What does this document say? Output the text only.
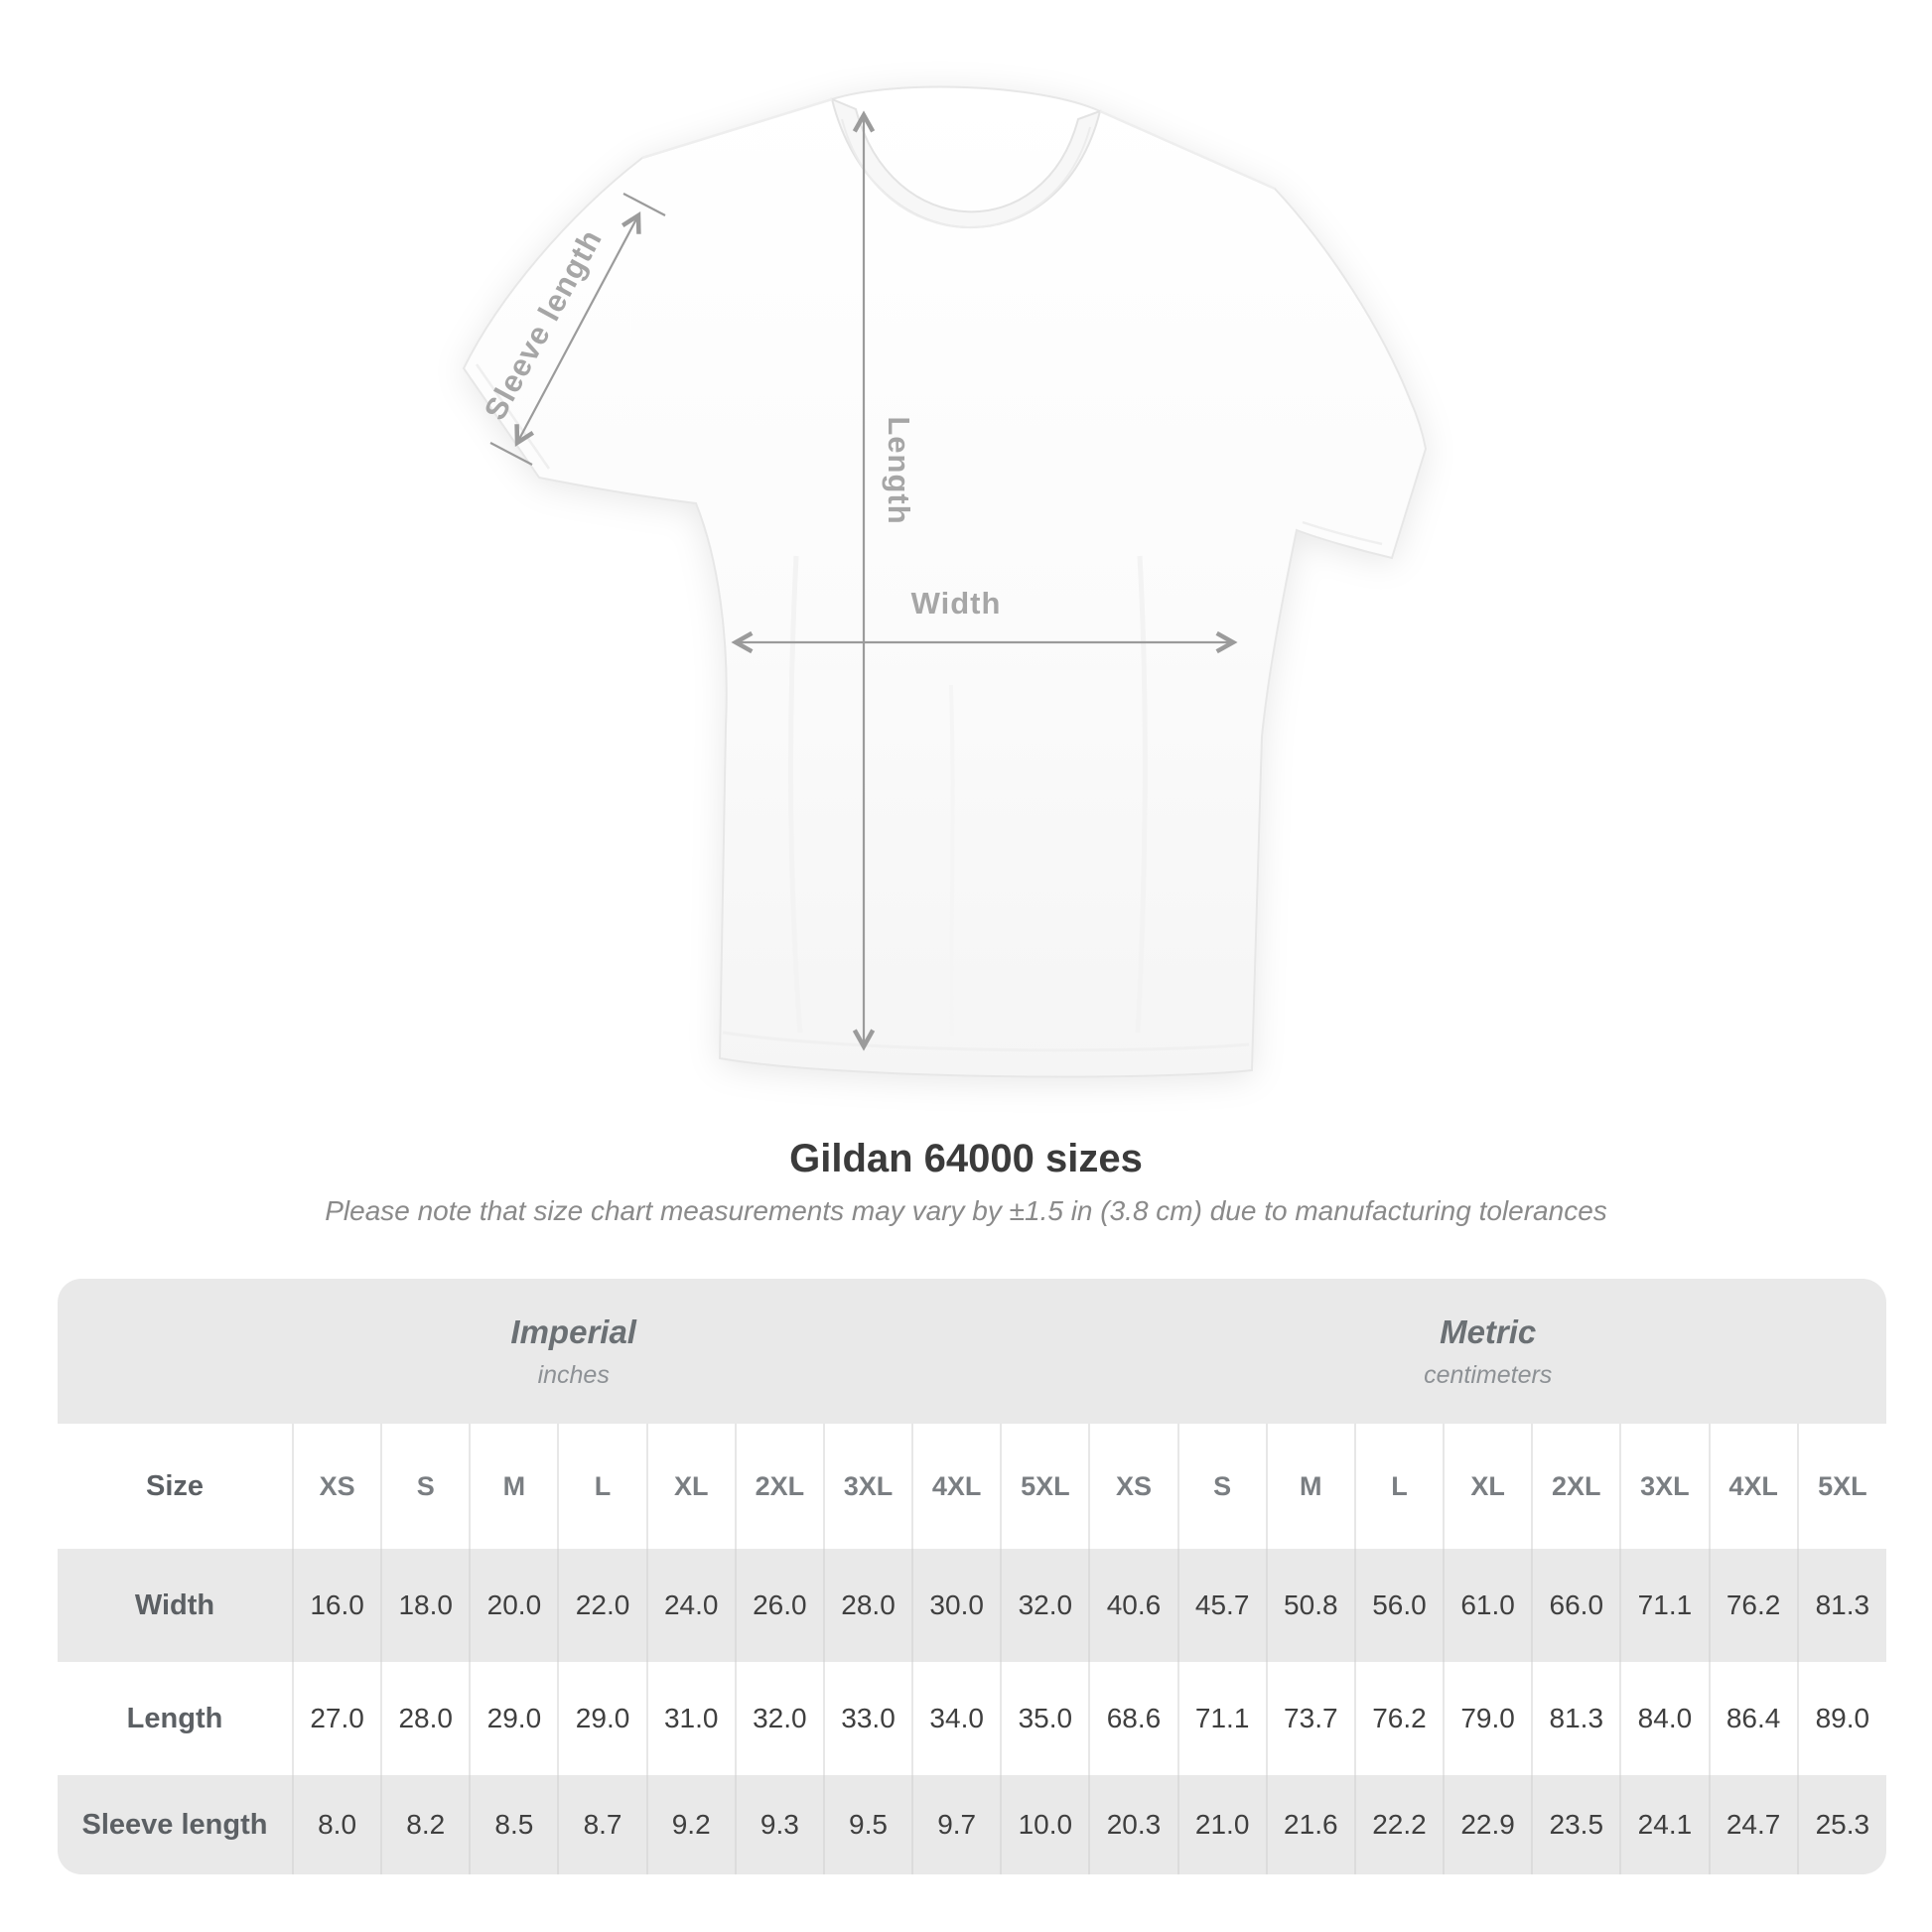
Length
Width
Sleeve length
Gildan 64000 sizes
Please note that size chart measurements may vary by ±1.5 in (3.8 cm) due to manufacturing tolerances
Imperial
inches

Metric
centimeters

Size	XS	S	M	L	XL	2XL	3XL	4XL	5XL	XS	S	M	L	XL	2XL	3XL	4XL	5XL
Width	16.0	18.0	20.0	22.0	24.0	26.0	28.0	30.0	32.0	40.6	45.7	50.8	56.0	61.0	66.0	71.1	76.2	81.3
Length	27.0	28.0	29.0	29.0	31.0	32.0	33.0	34.0	35.0	68.6	71.1	73.7	76.2	79.0	81.3	84.0	86.4	89.0
Sleeve length	8.0	8.2	8.5	8.7	9.2	9.3	9.5	9.7	10.0	20.3	21.0	21.6	22.2	22.9	23.5	24.1	24.7	25.3
